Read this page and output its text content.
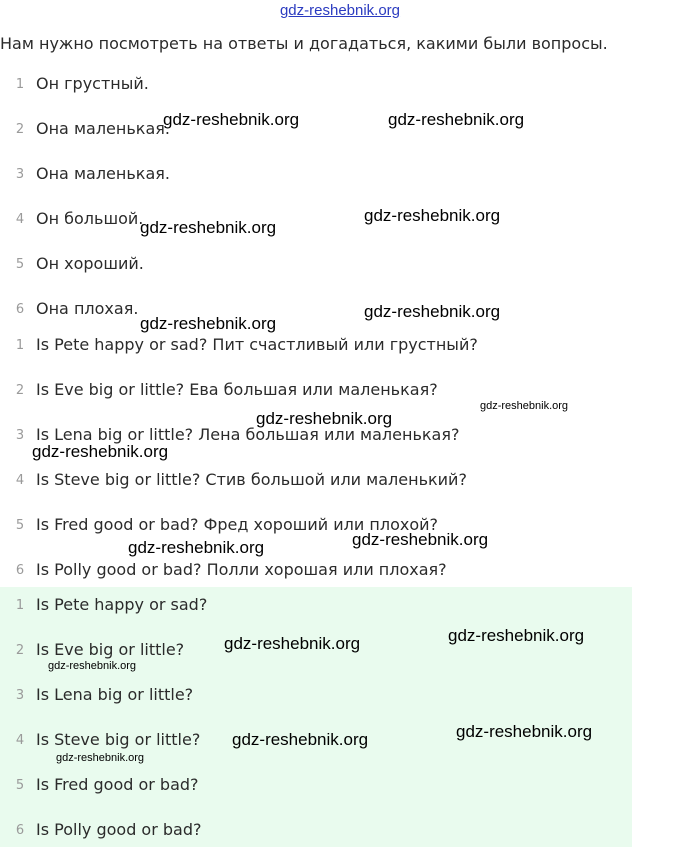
gdz-reshebnik.org
Нам нужно посмотреть на ответы и догадаться, какими были вопросы.
1 Он грустный.
2 Она маленькая.
3 Она маленькая.
4 Он большой.
5 Он хороший.
6 Она плохая.
1 Is Pete happy or sad? Пит счастливый или грустный?
2 Is Eve big or little? Ева большая или маленькая?
3 Is Lena big or little? Лена большая или маленькая?
4 Is Steve big or little? Стив большой или маленький?
5 Is Fred good or bad? Фред хороший или плохой?
6 Is Polly good or bad? Полли хорошая или плохая?
1 Is Pete happy or sad?
2 Is Eve big or little?
3 Is Lena big or little?
4 Is Steve big or little?
5 Is Fred good or bad?
6 Is Polly good or bad?
gdz-reshebnik.org	gdz-reshebnik.org
gdz-reshebnik.org
gdz-reshebnik.org
gdz-reshebnik.org
gdz-reshebnik.org
gdz-reshebnik.org
gdz-reshebnik.org
gdz-reshebnik.org
gdz-reshebnik.org	gdz-reshebnik.org
gdz-reshebnik.org	gdz-reshebnik.org
gdz-reshebnik.org
gdz-reshebnik.org	gdz-reshebnik.org
gdz-reshebnik.org
